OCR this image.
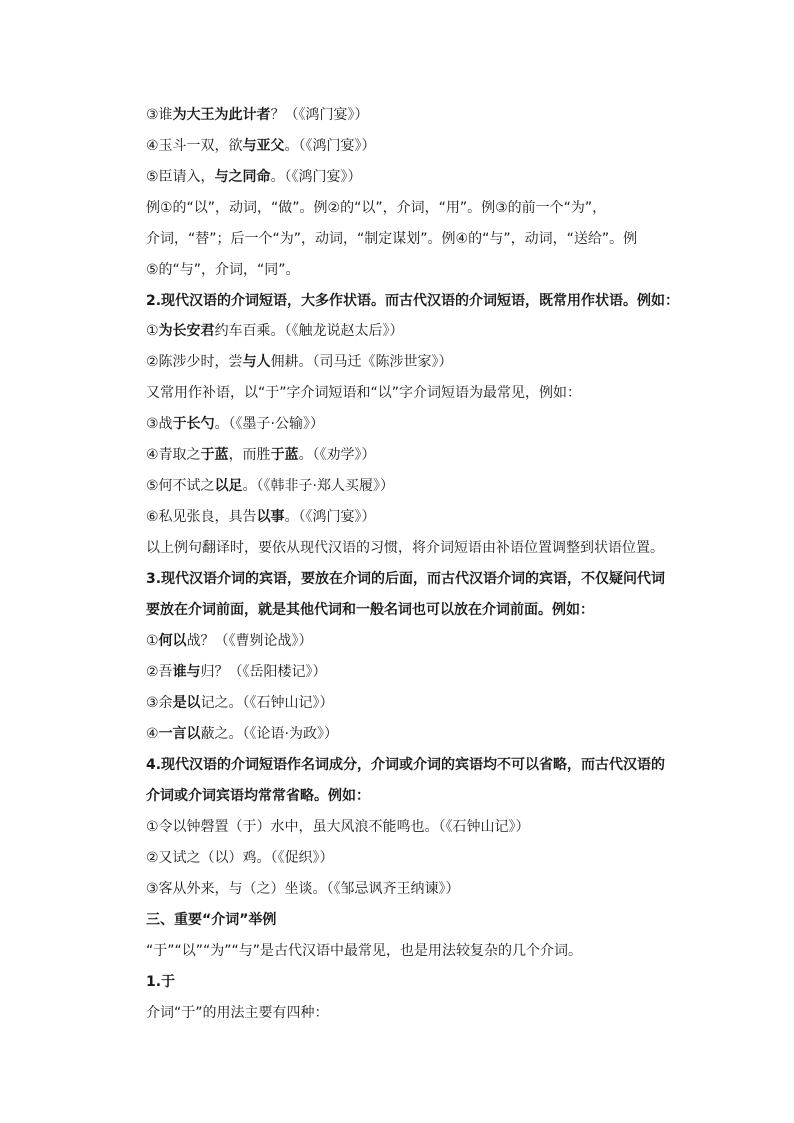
③谁为大王为此计者？（《鸿门宴》）
④玉斗一双，欲与亚父。（《鸿门宴》）
⑤臣请入，与之同命。（《鸿门宴》）
例①的“以”，动词，“做”。例②的“以”，介词，“用”。例③的前一个“为”，
介词，“替”；后一个“为”，动词，“制定谋划”。例④的“与”，动词，“送给”。例
⑤的“与”，介词，“同”。
2.现代汉语的介词短语，大多作状语。而古代汉语的介词短语，既常用作状语。例如：
①为长安君约车百乘。（《触龙说赵太后》）
②陈涉少时，尝与人佣耕。（司马迁《陈涉世家》）
又常用作补语，以“于”字介词短语和“以”字介词短语为最常见，例如：
③战于长勺。（《墨子·公输》）
④青取之于蓝，而胜于蓝。（《劝学》）
⑤何不试之以足。（《韩非子·郑人买履》）
⑥私见张良，具告以事。（《鸿门宴》）
以上例句翻译时，要依从现代汉语的习惯，将介词短语由补语位置调整到状语位置。
3.现代汉语介词的宾语，要放在介词的后面，而古代汉语介词的宾语，不仅疑问代词
要放在介词前面，就是其他代词和一般名词也可以放在介词前面。例如：
①何以战？（《曹刿论战》）
②吾谁与归？（《岳阳楼记》）
③余是以记之。（《石钟山记》）
④一言以蔽之。（《论语·为政》）
4.现代汉语的介词短语作名词成分，介词或介词的宾语均不可以省略，而古代汉语的
介词或介词宾语均常常省略。例如：
①令以钟磬置（于）水中，虽大风浪不能鸣也。（《石钟山记》）
②又试之（以）鸡。（《促织》）
③客从外来，与（之）坐谈。（《邹忌讽齐王纳谏》）
三、重要“介词”举例
“于”“以”“为”“与”是古代汉语中最常见，也是用法较复杂的几个介词。
1.于
介词“于”的用法主要有四种：
